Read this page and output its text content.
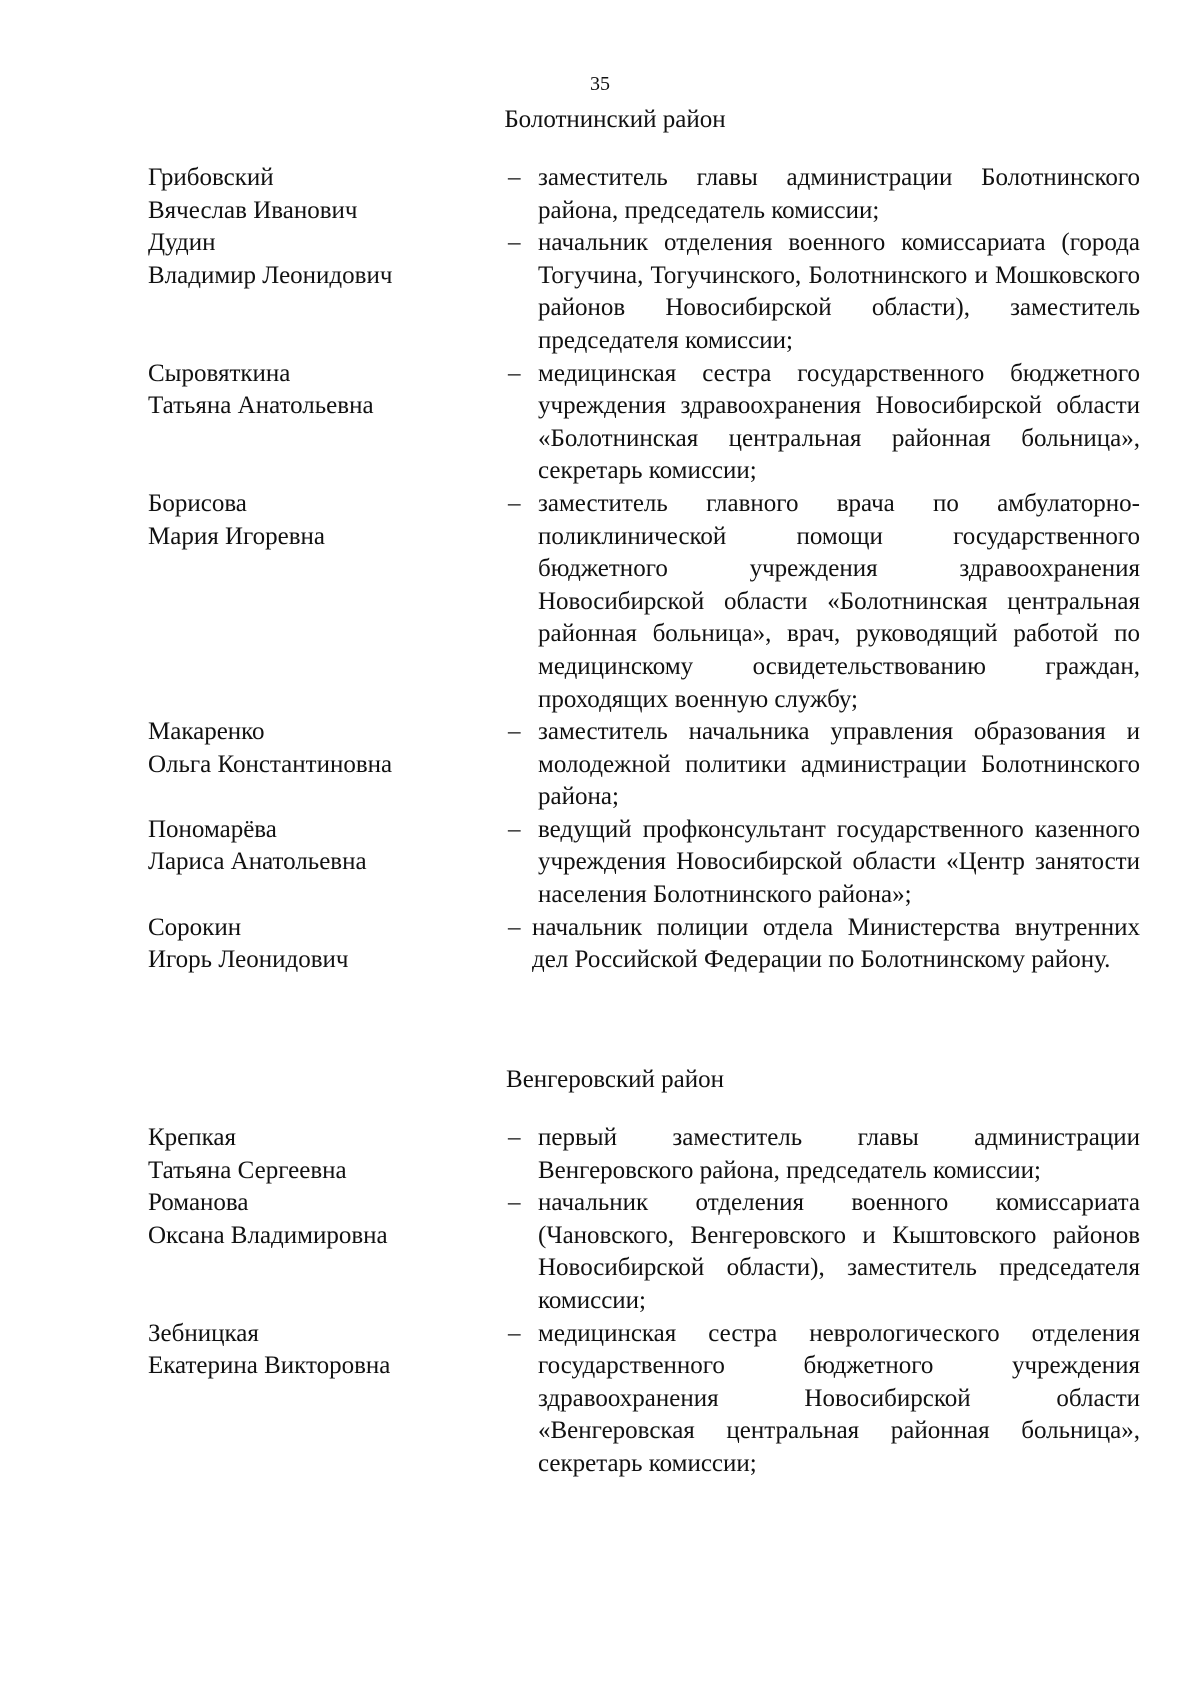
35
Болотнинский район
Грибовский
Вячеслав Иванович
– заместитель главы администрации Болотнинского района, председатель комиссии;
Дудин
Владимир Леонидович
– начальник отделения военного комиссариата (города Тогучина, Тогучинского, Болотнинского и Мошковского районов Новосибирской области), заместитель председателя комиссии;
Сыровяткина
Татьяна Анатольевна
– медицинская сестра государственного бюджетного учреждения здравоохранения Новосибирской области «Болотнинская центральная районная больница», секретарь комиссии;
Борисова
Мария Игоревна
– заместитель главного врача по амбулаторно-поликлинической помощи государственного бюджетного учреждения здравоохранения Новосибирской области «Болотнинская центральная районная больница», врач, руководящий работой по медицинскому освидетельствованию граждан, проходящих военную службу;
Макаренко
Ольга Константиновна
– заместитель начальника управления образования и молодежной политики администрации Болотнинского района;
Пономарёва
Лариса Анатольевна
– ведущий профконсультант государственного казенного учреждения Новосибирской области «Центр занятости населения Болотнинского района»;
Сорокин
Игорь Леонидович
– начальник полиции отдела Министерства внутренних дел Российской Федерации по Болотнинскому району.
Венгеровский район
Крепкая
Татьяна Сергеевна
– первый заместитель главы администрации Венгеровского района, председатель комиссии;
Романова
Оксана Владимировна
– начальник отделения военного комиссариата (Чановского, Венгеровского и Кыштовского районов Новосибирской области), заместитель председателя комиссии;
Зебницкая
Екатерина Викторовна
– медицинская сестра неврологического отделения государственного бюджетного учреждения здравоохранения Новосибирской области «Венгеровская центральная районная больница», секретарь комиссии;
